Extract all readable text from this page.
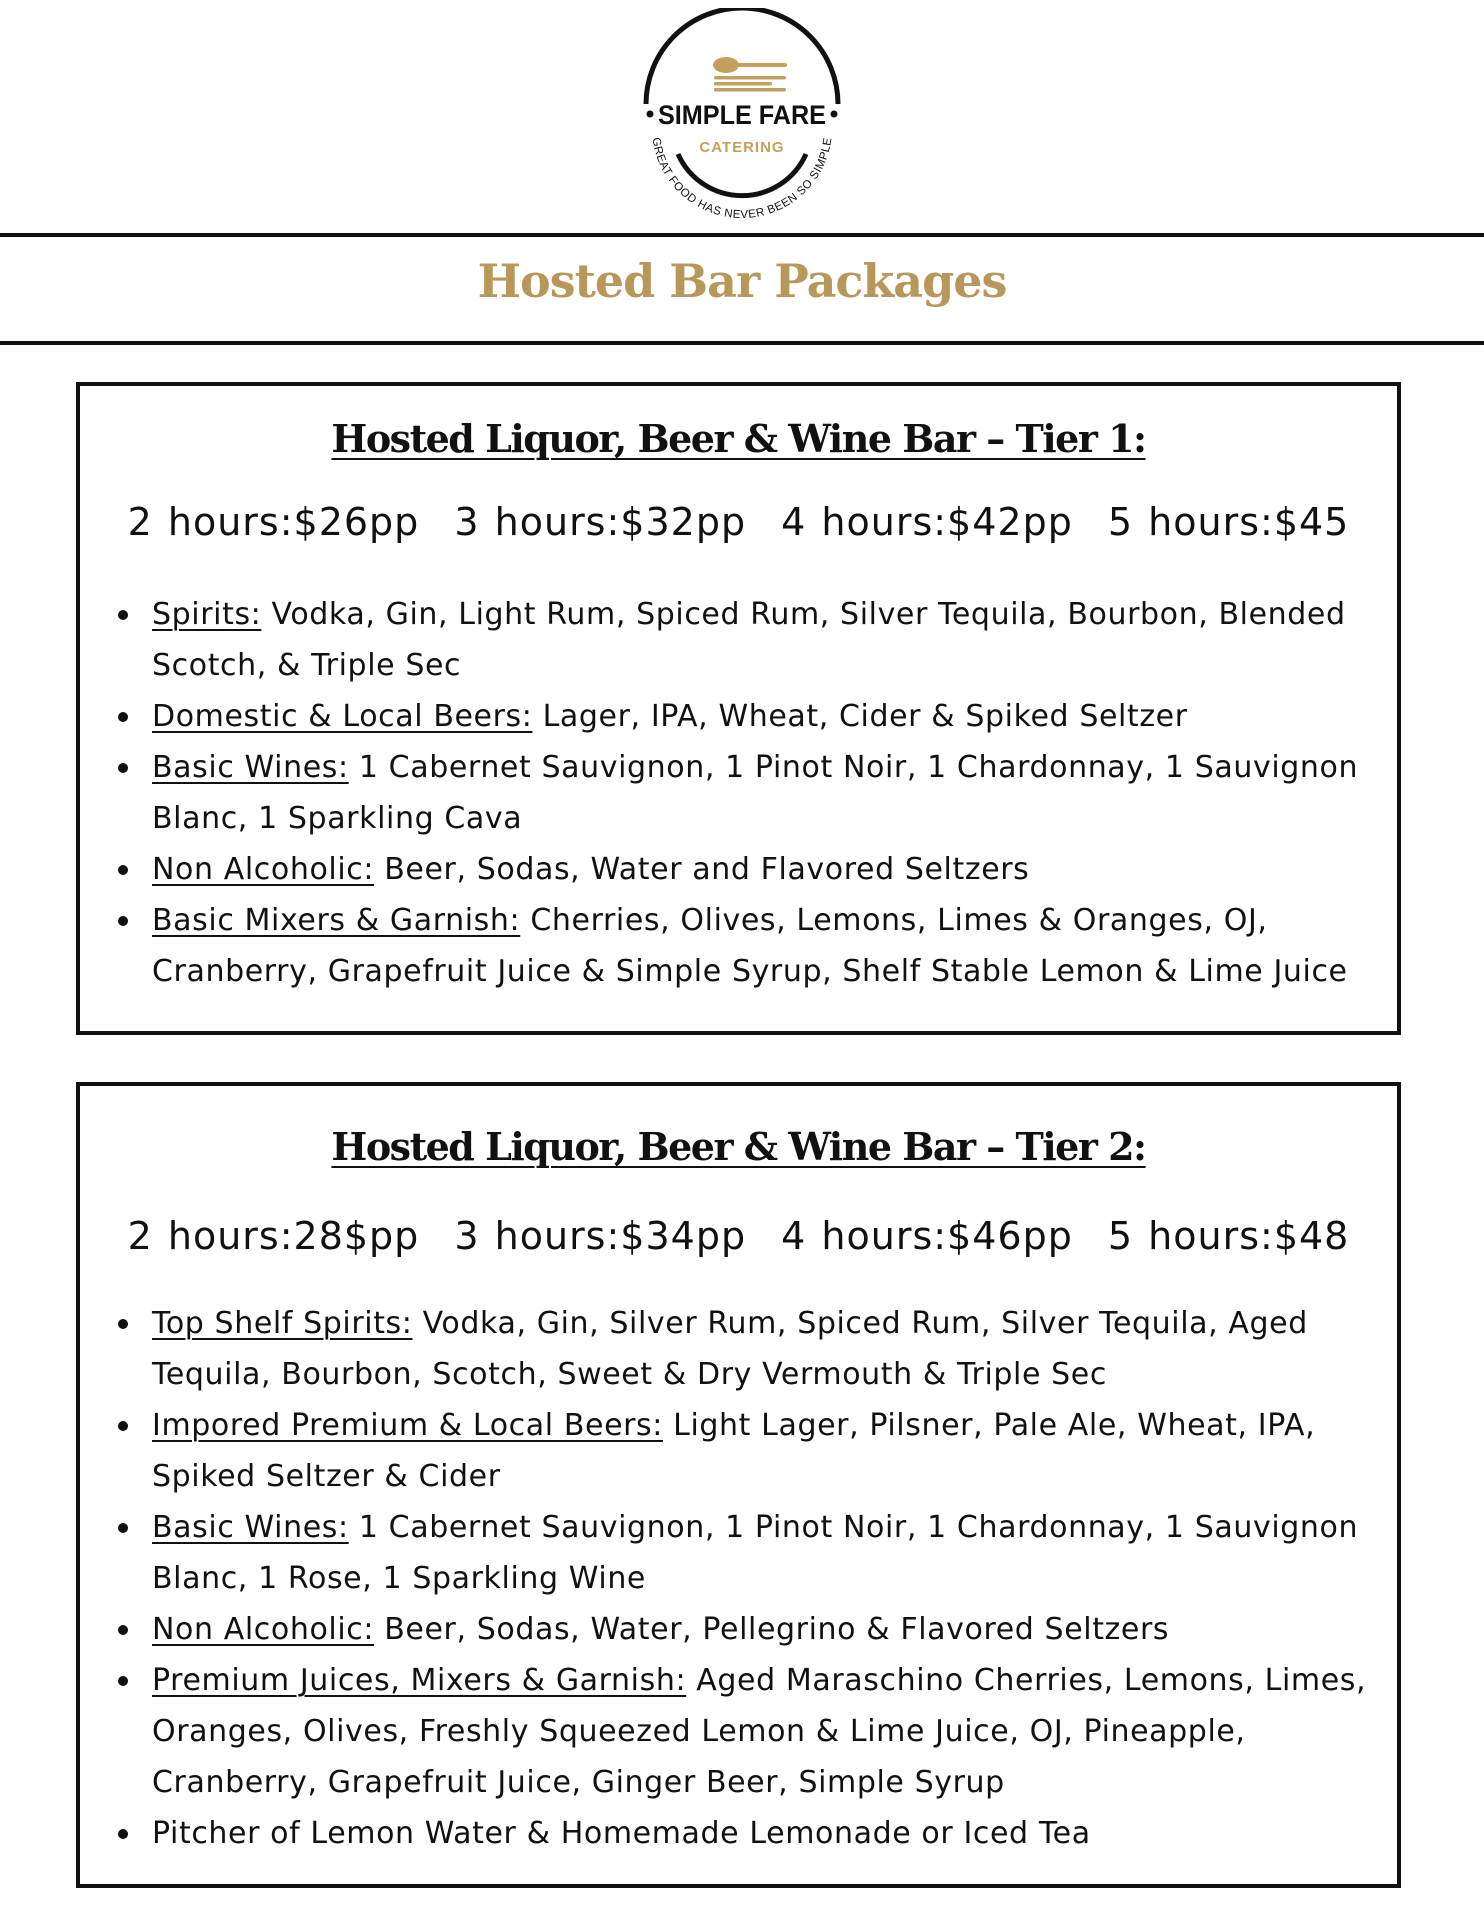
SIMPLE FARE
CATERING
GREAT FOOD HAS NEVER BEEN SO SIMPLE
Hosted Bar Packages
Hosted Liquor, Beer & Wine Bar – Tier 1:
2 hours:$26pp 3 hours:$32pp 4 hours:$42pp 5 hours:$45
Spirits: Vodka, Gin, Light Rum, Spiced Rum, Silver Tequila, Bourbon, Blended Scotch, & Triple Sec
Domestic & Local Beers: Lager, IPA, Wheat, Cider & Spiked Seltzer
Basic Wines: 1 Cabernet Sauvignon, 1 Pinot Noir, 1 Chardonnay, 1 Sauvignon Blanc, 1 Sparkling Cava
Non Alcoholic: Beer, Sodas, Water and Flavored Seltzers
Basic Mixers & Garnish: Cherries, Olives, Lemons, Limes & Oranges, OJ, Cranberry, Grapefruit Juice & Simple Syrup, Shelf Stable Lemon & Lime Juice
Hosted Liquor, Beer & Wine Bar – Tier 2:
2 hours:28$pp 3 hours:$34pp 4 hours:$46pp 5 hours:$48
Top Shelf Spirits: Vodka, Gin, Silver Rum, Spiced Rum, Silver Tequila, Aged Tequila, Bourbon, Scotch, Sweet & Dry Vermouth & Triple Sec
Impored Premium & Local Beers: Light Lager, Pilsner, Pale Ale, Wheat, IPA, Spiked Seltzer & Cider
Basic Wines: 1 Cabernet Sauvignon, 1 Pinot Noir, 1 Chardonnay, 1 Sauvignon Blanc, 1 Rose, 1 Sparkling Wine
Non Alcoholic: Beer, Sodas, Water, Pellegrino & Flavored Seltzers
Premium Juices, Mixers & Garnish: Aged Maraschino Cherries, Lemons, Limes, Oranges, Olives, Freshly Squeezed Lemon & Lime Juice, OJ, Pineapple, Cranberry, Grapefruit Juice, Ginger Beer, Simple Syrup
Pitcher of Lemon Water & Homemade Lemonade or Iced Tea
